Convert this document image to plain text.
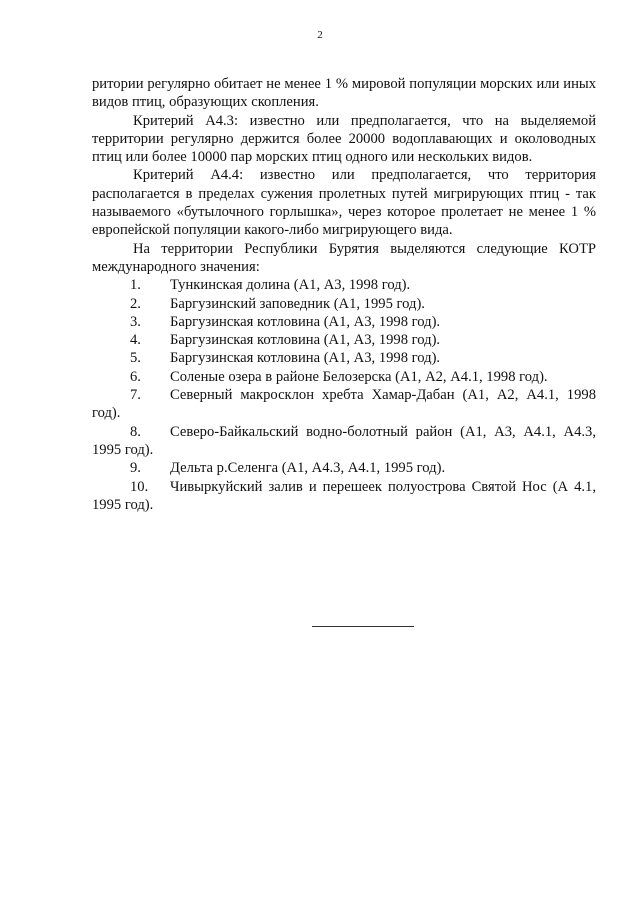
2

ритории регулярно обитает не менее 1 % мировой популяции морских или иных видов птиц, образующих скопления.

Критерий А4.3: известно или предполагается, что на выделяемой территории регулярно держится более 20000 водоплавающих и околоводных птиц или более 10000 пар морских птиц одного или нескольких видов.

Критерий А4.4: известно или предполагается, что территория располагается в пределах сужения пролетных путей мигрирующих птиц - так называемого «бутылочного горлышка», через которое пролетает не менее 1 % европейской популяции какого-либо мигрирующего вида.

На территории Республики Бурятия выделяются следующие КОТР международного значения:

1.	Тункинская долина (А1, А3, 1998 год).
2.	Баргузинский заповедник (А1, 1995 год).
3.	Баргузинская котловина (А1, А3, 1998 год).
4.	Баргузинская котловина (А1, А3, 1998 год).
5.	Баргузинская котловина (А1, А3, 1998 год).
6.	Соленые озера в районе Белозерска (А1, А2, А4.1, 1998 год).
7.	Северный макросклон хребта Хамар-Дабан (А1, А2, А4.1, 1998 год).
8.	Северо-Байкальский водно-болотный район (А1, А3, А4.1, А4.3, 1995 год).
9.	Дельта р.Селенга (А1, А4.3, А4.1, 1995 год).
10.	Чивыркуйский залив и перешеек полуострова Святой Нос (А 4.1, 1995 год).
